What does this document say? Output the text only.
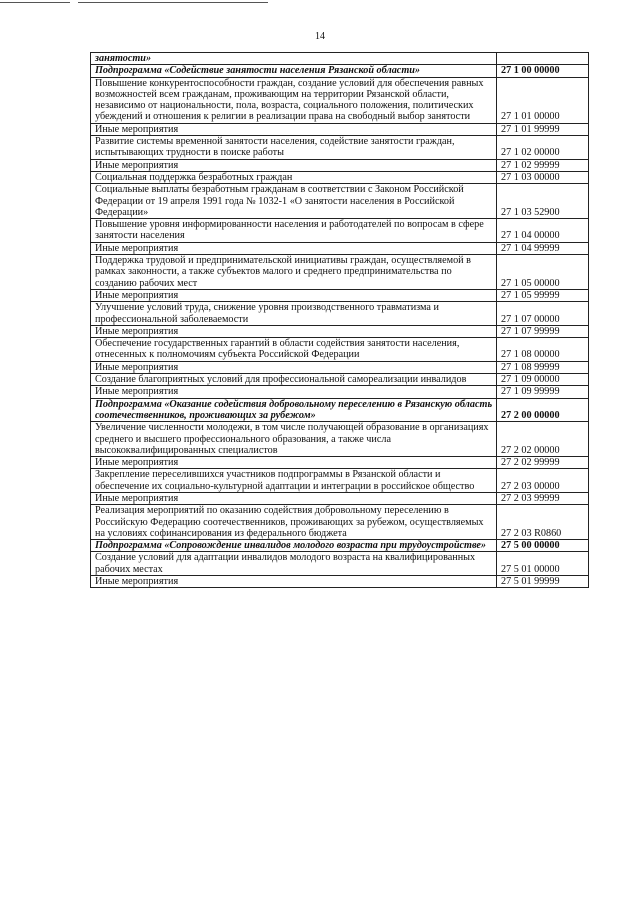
14
занятости»	
Подпрограмма «Содействие занятости населения Рязанской области»	27 1 00 00000
Повышение конкурентоспособности граждан, создание условий для обеспечения равных возможностей всем гражданам, проживающим на территории Рязанской области, независимо от национальности, пола, возраста, социального положения, политических убеждений и отношения к религии в реализации права на свободный выбор занятости	27 1 01 00000
Иные мероприятия	27 1 01 99999
Развитие системы временной занятости населения, содействие занятости граждан, испытывающих трудности в поиске работы	27 1 02 00000
Иные мероприятия	27 1 02 99999
Социальная поддержка безработных граждан	27 1 03 00000
Социальные выплаты безработным гражданам в соответствии с Законом Российской Федерации от 19 апреля 1991 года № 1032-1 «О занятости населения в Российской Федерации»	27 1 03 52900
Повышение уровня информированности населения и работодателей по вопросам в сфере занятости населения	27 1 04 00000
Иные мероприятия	27 1 04 99999
Поддержка трудовой и предпринимательской инициативы граждан, осуществляемой в рамках законности, а также субъектов малого и среднего предпринимательства по созданию рабочих мест	27 1 05 00000
Иные мероприятия	27 1 05 99999
Улучшение условий труда, снижение уровня производственного травматизма и профессиональной заболеваемости	27 1 07 00000
Иные мероприятия	27 1 07 99999
Обеспечение государственных гарантий в области содействия занятости населения, отнесенных к полномочиям субъекта Российской Федерации	27 1 08 00000
Иные мероприятия	27 1 08 99999
Создание благоприятных условий для профессиональной самореализации инвалидов	27 1 09 00000
Иные мероприятия	27 1 09 99999
Подпрограмма «Оказание содействия добровольному переселению в Рязанскую область соотечественников, проживающих за рубежом»	27 2 00 00000
Увеличение численности молодежи, в том числе получающей образование в организациях среднего и высшего профессионального образования, а также числа высококвалифицированных специалистов	27 2 02 00000
Иные мероприятия	27 2 02 99999
Закрепление переселившихся участников подпрограммы в Рязанской области и обеспечение их социально-культурной адаптации и интеграции в российское общество	27 2 03 00000
Иные мероприятия	27 2 03 99999
Реализация мероприятий по оказанию содействия добровольному переселению в Российскую Федерацию соотечественников, проживающих за рубежом, осуществляемых на условиях софинансирования из федерального бюджета	27 2 03 R0860
Подпрограмма «Сопровождение инвалидов молодого возраста при трудоустройстве»	27 5 00 00000
Создание условий для адаптации инвалидов молодого возраста на квалифицированных рабочих местах	27 5 01 00000
Иные мероприятия	27 5 01 99999
